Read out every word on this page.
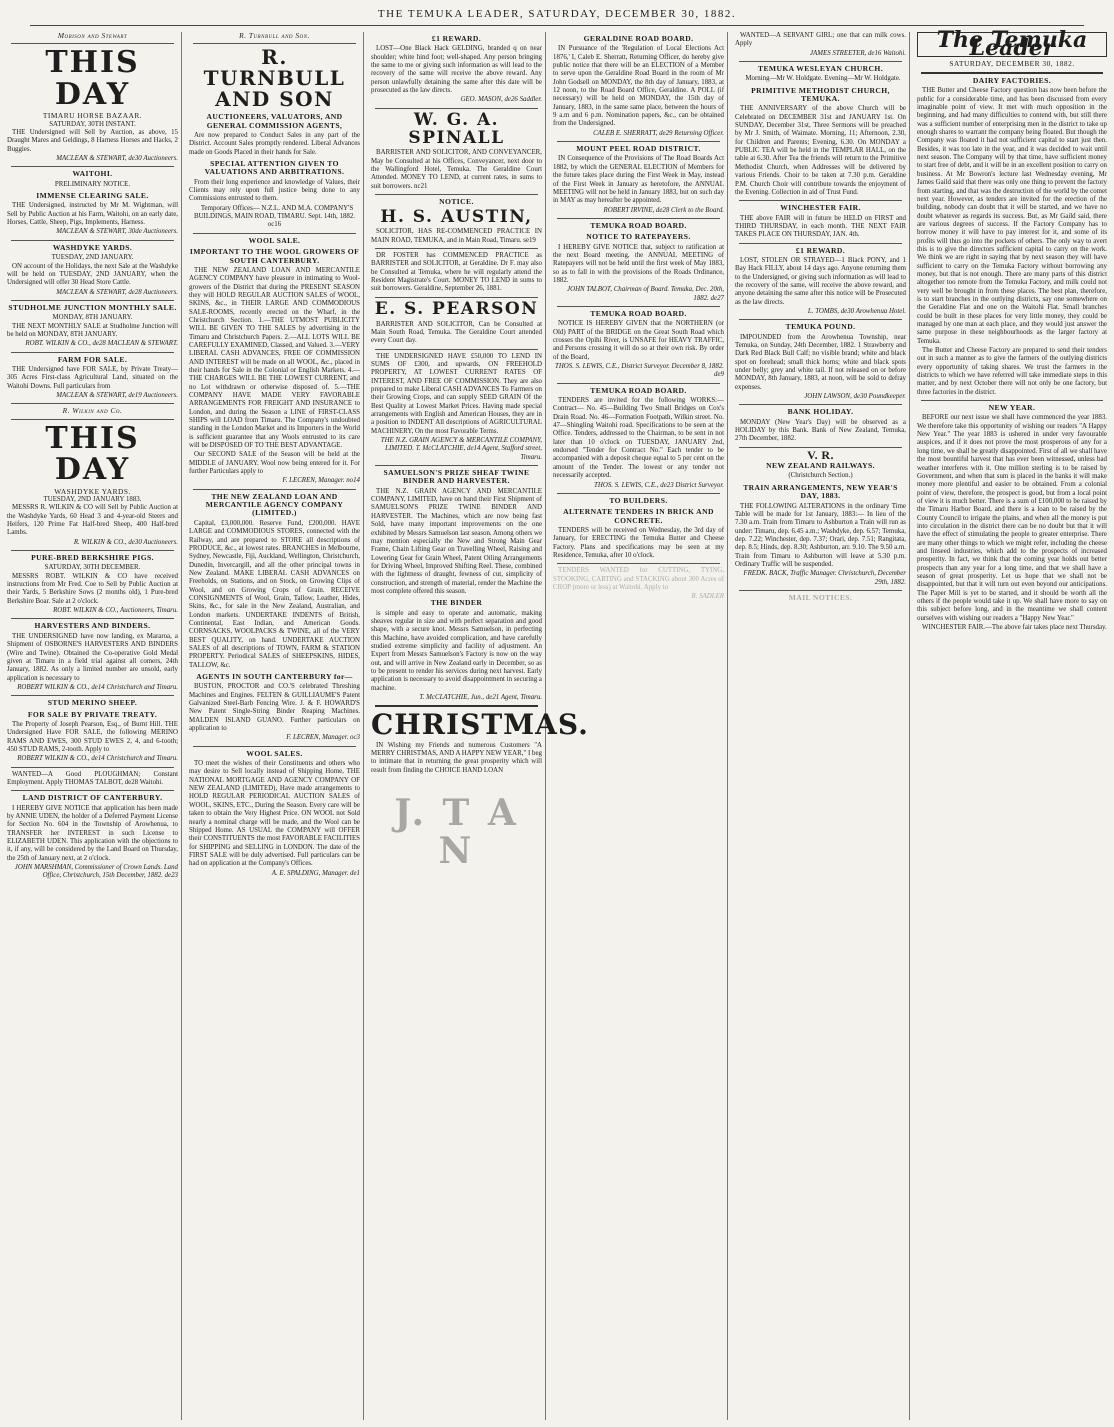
THE TEMUKA LEADER, SATURDAY, DECEMBER 30, 1882.
Morison and Stewart
THIS DAY
TIMARU HORSE BAZAAR.
SATURDAY, 30TH INSTANT.

THE Undersigned will Sell by Auction, as above, 15 Draught Mares and Geldings, 8 Harness Horses and Hacks, 2 Buggies.

MACLEAN & STEWART, de30 Auctioneers.
WAITOHI.
PRELIMINARY NOTICE.
IMMENSE CLEARING SALE.

THE Undersigned, instructed by Mr M. Wightman, will Sell by Public Auction at his Farm, Waitohi, on an early date, Horses, Cattle, Sheep, Pigs, Implements, Harness.

MACLEAN & STEWART, 30de Auctioneers.
WASHDYKE YARDS.
TUESDAY, 2ND JANUARY.

ON account of the Holidays, the next Sale at the Washdyke will be held on TUESDAY, 2ND JANUARY, when the Undersigned will offer 30 Head Store Cattle.

MACLEAN & STEWART, de28 Auctioneers.
STUDHOLME JUNCTION MONTHLY SALE.
MONDAY, 8TH JANUARY.

THE NEXT MONTHLY SALE at Studholme Junction will be held on MONDAY, 8TH JANUARY.

ROBT. WILKIN & CO., de28 MACLEAN & STEWART.
FARM FOR SALE.

THE Undersigned have FOR SALE, by Private Treaty—305 Acres First-class Agricultural Land, situated on the Waitohi Downs. Full particulars from

MACLEAN & STEWART, de19 Auctioneers.
R. Wilkin and Co.
THIS DAY
WASHDYKE YARDS.
TUESDAY, 2ND JANUARY 1883.

MESSRS R. WILKIN & CO will Sell by Public Auction at the Washdyke Yards, 60 Head 3 and 4-year-old Steers and Heifers, 120 Prime Fat Half-bred Sheep, 400 Half-bred Lambs.

R. WILKIN & CO., de30 Auctioneers.
PURE-BRED BERKSHIRE PIGS.
SATURDAY, 30TH DECEMBER.

MESSRS ROBT. WILKIN & CO have received instructions from Mr Fred. Coe to Sell by Public Auction at their Yards, 5 Berkshire Sows (2 months old), 1 Pure-bred Berkshire Boar. Sale at 2 o'clock.

ROBT. WILKIN & CO., Auctioneers, Timaru.
HARVESTERS AND BINDERS.

THE UNDERSIGNED have now landing, ex Mararoa, a Shipment of OSBORNE'S HARVESTERS AND BINDERS (Wire and Twine). Obtained the Co-operative Gold Medal given at Timaru in a field trial against all comers, 24th January, 1882. As only a limited number are unsold, early application is necessary to

ROBERT WILKIN & CO., de14 Christchurch and Timaru.
STUD MERINO SHEEP.
FOR SALE BY PRIVATE TREATY.

The Property of Joseph Pearson, Esq., of Burnt Hill. THE Undersigned Have FOR SALE, the following MERINO RAMS AND EWES, 300 STUD EWES 2, 4, and 6-tooth; 450 STUD RAMS, 2-tooth. Apply to

ROBERT WILKIN & CO., de14 Christchurch and Timaru.

WANTED—A Good PLOUGHMAN; Constant Employment. Apply THOMAS TALBOT, de28 Waitohi.

LAND DISTRICT OF CANTERBURY.

I HEREBY GIVE NOTICE that application has been made by ANNIE UDEN, the holder of a Deferred Payment License for Section No. 604 in the Township of Arowhenua, to TRANSFER her INTEREST in such License to ELIZABETH UDEN. This application with the objections to it, if any, will be considered by the Land Board on Thursday, the 25th of January next, at 2 o'clock.

JOHN MARSHMAN, Commissioner of Crown Lands. Land Office, Christchurch, 15th December, 1882. de23
R. Turnbull and Son.
R. TURNBULL AND SON
AUCTIONEERS, VALUATORS, AND GENERAL COMMISSION AGENTS,

Are now prepared to Conduct Sales in any part of the District. Account Sales promptly rendered. Liberal Advances made on Goods Placed in their hands for Sale.

SPECIAL ATTENTION GIVEN TO VALUATIONS AND ARBITRATIONS.

From their long experience and knowledge of Values, their Clients may rely upon full justice being done to any Commissions entrusted to them.

Temporary Offices— N.Z.L. AND M.A. COMPANY'S BUILDINGS, MAIN ROAD, TIMARU. Sept. 14th, 1882. oc16

WOOL SALE.
IMPORTANT TO THE WOOL GROWERS OF SOUTH CANTERBURY.

THE NEW ZEALAND LOAN AND MERCANTILE AGENCY COMPANY have pleasure in intimating to Wool-growers of the District that during the PRESENT SEASON they will HOLD REGULAR AUCTION SALES of WOOL, SKINS, &c., in THEIR LARGE AND COMMODIOUS SALE-ROOMS, recently erected on the Wharf, in the Christchurch Section. 1.—THE UTMOST PUBLICITY WILL BE GIVEN TO THE SALES by advertising in the Timaru and Christchurch Papers. 2.—ALL LOTS WILL BE CAREFULLY EXAMINED, Classed, and Valued. 3.—VERY LIBERAL CASH ADVANCES, FREE OF COMMISSION AND INTEREST will be made on all WOOL, &c., placed in their hands for Sale in the Colonial or English Markets. 4.—THE CHARGES WILL BE THE LOWEST CURRENT, and no Lot withdrawn or otherwise disposed of. 5.—THE COMPANY HAVE MADE VERY FAVORABLE ARRANGEMENTS FOR FREIGHT AND INSURANCE to London, and during the Season a LINE of FIRST-CLASS SHIPS will LOAD from Timaru. The Company's undoubted standing in the London Market and its Importers in the World is sufficient guarantee that any Wools entrusted to its care will be DISPOSED OF TO THE BEST ADVANTAGE.

Our SECOND SALE of the Season will be held at the MIDDLE of JANUARY. Wool now being entered for it. For further Particulars apply to

F. LECREN, Manager. no14
THE NEW ZEALAND LOAN AND MERCANTILE AGENCY COMPANY (LIMITED.)

Capital, £3,000,000. Reserve Fund, £200,000. HAVE LARGE and COMMODIOUS STORES, connected with the Railway, and are prepared to STORE all descriptions of PRODUCE, &c., at lowest rates. BRANCHES in Melbourne, Sydney, Newcastle, Fiji, Auckland, Wellington, Christchurch, Dunedin, Invercargill, and all the other principal towns in New Zealand. MAKE LIBERAL CASH ADVANCES on Freeholds, on Stations, and on Stock, on Growing Clips of Wool, and on Growing Crops of Grain. RECEIVE CONSIGNMENTS of Wool, Grain, Tallow, Leather, Hides, Skins, &c., for sale in the New Zealand, Australian, and London markets. UNDERTAKE INDENTS of British, Continental, East Indian, and American Goods. CORNSACKS, WOOLPACKS & TWINE, all of the VERY BEST QUALITY, on hand. UNDERTAKE AUCTION SALES of all descriptions of TOWN, FARM & STATION PROPERTY. Periodical SALES of SHEEPSKINS, HIDES, TALLOW, &c.

AGENTS IN SOUTH CANTERBURY for—

BUSTON, PROCTOR and CO.'S celebrated Threshing Machines and Engines. FELTEN & GUILLIAUME'S Patent Galvanized Steel-Barb Fencing Wire. J. & F. HOWARD'S New Patent Single-String Binder Reaping Machines. MALDEN ISLAND GUANO. Further particulars on application to

F. LECREN, Manager. oc3
WOOL SALES.

TO meet the wishes of their Constituents and others who may desire to Sell locally instead of Shipping Home, THE NATIONAL MORTGAGE AND AGENCY COMPANY OF NEW ZEALAND (LIMITED), Have made arrangements to HOLD REGULAR PERIODICAL AUCTION SALES of WOOL, SKINS, ETC., During the Season. Every care will be taken to obtain the Very Highest Price. ON WOOL not Sold nearly a nominal charge will be made, and the Wool can be Shipped Home. AS USUAL the COMPANY will OFFER their CONSTITUENTS the most FAVORABLE FACILITIES for SHIPPING and SELLING in LONDON. The date of the FIRST SALE will be duly advertised. Full particulars can be had on application at the Company's Offices.

A. E. SPALDING, Manager. de1
£1 REWARD.

LOST—One Black Hack GELDING, branded q on near shoulder; white hind foot; well-shaped. Any person bringing the same to me or giving such information as will lead to the recovery of the same will receive the above reward. Any person unlawfully detaining the same after this date will be prosecuted as the law directs.

GEO. MASON, de26 Saddler.
W. G. A. SPINALL

BARRISTER AND SOLICITOR, AND CONVEYANCER, May be Consulted at his Offices, Conveyancer, next door to the Wallingford Hotel, Temuka. The Geraldine Court Attended. MONEY TO LEND, at current rates, in sums to suit borrowers. nc21

NOTICE.
H. S. AUSTIN,

SOLICITOR, HAS RE-COMMENCED PRACTICE IN MAIN ROAD, TEMUKA, and in Main Road, Timaru. se19

DR FOSTER has COMMENCED PRACTICE as BARRISTER and SOLICITOR, at Geraldine. Dr F. may also be Consulted at Temuka, where he will regularly attend the Resident Magistrate's Court. MONEY TO LEND in sums to suit borrowers. Geraldine, September 26, 1881.

E. S. PEARSON

BARRISTER AND SOLICITOR, Can be Consulted at Main South Road, Temuka. The Geraldine Court attended every Court day.

THE UNDERSIGNED HAVE £50,000 TO LEND IN SUMS OF £300, and upwards, ON FREEHOLD PROPERTY, AT LOWEST CURRENT RATES OF INTEREST, AND FREE OF COMMISSION. They are also prepared to make Liberal CASH ADVANCES To Farmers on their Growing Crops, and can supply SEED GRAIN Of the Best Quality at Lowest Market Prices. Having made special arrangements with English and American Houses, they are in a position to INDENT All descriptions of AGRICULTURAL MACHINERY, On the most Favorable Terms.

THE N.Z. GRAIN AGENCY & MERCANTILE COMPANY, LIMITED. T. McCLATCHIE, de14 Agent, Stafford street, Timaru.
SAMUELSON'S PRIZE SHEAF TWINE BINDER AND HARVESTER.

THE N.Z. GRAIN AGENCY AND MERCANTILE COMPANY, LIMITED, have on hand their First Shipment of SAMUELSON'S PRIZE TWINE BINDER AND HARVESTER. The Machines, which are now being fast Sold, have many important improvements on the one exhibited by Messrs Samuelson last season. Among others we may mention especially the New and Strong Main Gear Frame, Chain Lifting Gear on Travelling Wheel, Raising and Lowering Gear for Grain Wheel, Patent Oiling Arrangements for Driving Wheel, Improved Shifting Reel. These, combined with the lightness of draught, fewness of cut, simplicity of construction, and strength of material, render the Machine the most complete offered this season.

THE BINDER

is simple and easy to operate and automatic, making sheaves regular in size and with perfect separation and good shape, with a secure knot. Messrs Samuelson, in perfecting this Machine, have avoided complication, and have carefully studied extreme simplicity and facility of adjustment. An Expert from Messrs Samuelson's Factory is now on the way out, and will arrive in New Zealand early in December, so as to be present to render his services during next harvest. Early application is necessary to avoid disappointment in securing a machine.

T. McCLATCHIE, Jun., de21 Agent, Timaru.
CHRISTMAS.

IN Wishing my Friends and numerous Customers "A MERRY CHRISTMAS, AND A HAPPY NEW YEAR," I beg to intimate that in returning the great prosperity which will result from finding the CHOICE HAND LOAN

J. T A N
GERALDINE ROAD BOARD.

IN Pursuance of the 'Regulation of Local Elections Act 1876,' I, Caleb E. Sherratt, Returning Officer, do hereby give public notice that there will be an ELECTION of a Member to serve upon the Geraldine Road Board in the room of Mr John Godsell on MONDAY, the 8th day of January, 1883, at 12 noon, to the Road Board Office, Geraldine. A POLL (if necessary) will be held on MONDAY, the 15th day of January, 1883, in the same same place, between the hours of 9 a.m and 6 p.m. Nomination papers, &c., can be obtained from the Undersigned.

CALEB E. SHERRATT, de29 Returning Officer.
MOUNT PEEL ROAD DISTRICT.

IN Consequence of the Provisions of The Road Boards Act 1882, by which the GENERAL ELECTION of Members for the future takes place during the First Week in May, instead of the First Week in January as heretofore, the ANNUAL MEETING will not be held in January 1883, but on such day in MAY as may hereafter be appointed.

ROBERT IRVINE, de28 Clerk to the Board.
TEMUKA ROAD BOARD.
NOTICE TO RATEPAYERS.

I HEREBY GIVE NOTICE that, subject to ratification at the next Board meeting, the ANNUAL MEETING of Ratepayers will not be held until the first week of May 1883, so as to fall in with the provisions of the Roads Ordinance, 1882.

JOHN TALBOT, Chairman of Board. Temuka, Dec. 20th, 1882. de27
TEMUKA ROAD BOARD.

NOTICE IS HEREBY GIVEN that the NORTHERN (or Old) PART of the BRIDGE on the Great South Road which crosses the Opihi River, is UNSAFE for HEAVY TRAFFIC, and Persons crossing it will do so at their own risk. By order of the Board,

THOS. S. LEWIS, C.E., District Surveyor. December 8, 1882. de9
TEMUKA ROAD BOARD.

TENDERS are invited for the following WORKS:— Contract— No. 45—Building Two Small Bridges on Cox's Drain Road. No. 46—Formation Footpath, Wilkin street. No. 47—Shingling Waitohi road. Specifications to be seen at the Office. Tenders, addressed to the Chairman, to be sent in not later than 10 o'clock on TUESDAY, JANUARY 2nd, endorsed "Tender for Contract No." Each tender to be accompanied with a deposit cheque equal to 5 per cent on the amount of the Tender. The lowest or any tender not necessarily accepted.

THOS. S. LEWIS, C.E., de23 District Surveyor.
TO BUILDERS.
ALTERNATE TENDERS IN BRICK AND CONCRETE.

TENDERS will be received on Wednesday, the 3rd day of January, for ERECTING the Temuka Butter and Cheese Factory. Plans and specifications may be seen at my Residence, Temuka, after 10 o'clock.

TENDERS WANTED for CUTTING, TYING, STOOKING, CARTING and STACKING about 300 Acres of CROP (more or less) at Waitohi. Apply to

R. SADLER

WANTED—A SERVANT GIRL; one that can milk cows. Apply

JAMES STREETER, de16 Waitohi.
TEMUKA WESLEYAN CHURCH.

Morning—Mr W. Holdgate. Evening—Mr W. Holdgate.

PRIMITIVE METHODIST CHURCH, TEMUKA.

THE ANNIVERSARY of the above Church will be Celebrated on DECEMBER 31st and JANUARY 1st. On SUNDAY, December 31st, Three Sermons will be preached by Mr J. Smith, of Waimate. Morning, 11; Afternoon, 2.30, for Children and Parents; Evening, 6.30. On MONDAY a PUBLIC TEA will be held in the TEMPLAR HALL, on the table at 6.30. After Tea the friends will return to the Primitive Methodist Church, when Addresses will be delivered by various Friends. Choir to be taken at 7.30 p.m. Geraldine P.M. Church Choir will contribute towards the enjoyment of the Evening. Collection in aid of Trust Fund.

WINCHESTER FAIR.

THE above FAIR will in future be HELD on FIRST and THIRD THURSDAY, in each month. THE NEXT FAIR TAKES PLACE ON THURSDAY, JAN. 4th.

£1 REWARD.

LOST, STOLEN OR STRAYED—1 Black PONY, and 1 Bay Hack FILLY, about 14 days ago. Anyone returning them to the Undersigned, or giving such information as will lead to the recovery of the same, will receive the above reward, and anyone detaining the same after this notice will be Prosecuted as the law directs.

L. TOMBS, de30 Arowhenua Hotel.
TEMUKA POUND.

IMPOUNDED from the Arowhenua Township, near Temuka, on Sunday, 24th December, 1882. 1 Strawberry and Dark Red Black Bull Calf; no visible brand; white and black spot on forehead; small thick horns; white and black spots under belly; grey and white tail. If not released on or before MONDAY, 8th January, 1883, at noon, will be sold to defray expenses.

JOHN LAWSON, de30 Poundkeeper.
BANK HOLIDAY.

MONDAY (New Year's Day) will be observed as a HOLIDAY by this Bank. Bank of New Zealand, Temuka, 27th December, 1882.

V. R.
NEW ZEALAND RAILWAYS.
(Christchurch Section.)
TRAIN ARRANGEMENTS, NEW YEAR'S DAY, 1883.

THE FOLLOWING ALTERATIONS in the ordinary Time Table will be made for 1st January, 1883:— In lieu of the 7.30 a.m. Train from Timaru to Ashburton a Train will run as under: Timaru, dep. 6.45 a.m.; Washdyke, dep. 6.57; Temuka, dep. 7.22; Winchester, dep. 7.37; Orari, dep. 7.51; Rangitata, dep. 8.5; Hinds, dep. 8.30; Ashburton, arr. 9.10. The 9.50 a.m. Train from Timaru to Ashburton will leave at 5.30 p.m. Ordinary Traffic will be suspended.

FREDK. BACK, Traffic Manager. Christchurch, December 29th, 1882.
MAIL NOTICES.
The Temuka Leader
SATURDAY, DECEMBER 30, 1882.
DAIRY FACTORIES.

THE Butter and Cheese Factory question has now been before the public for a considerable time, and has been discussed from every imaginable point of view. It met with much opposition in the beginning, and had many difficulties to contend with, but still there was a sufficient number of enterprising men in the district to take up enough shares to warrant the company being floated. But though the Company was floated it had not sufficient capital to start just then. Besides, it was too late in the year, and it was decided to wait until next season. The Company will by that time, have sufficient money to start free of debt, and it will be in an excellent position to carry on business. At Mr Bowron's lecture last Wednesday evening, Mr James Gaild said that there was only one thing to prevent the factory from starting, and that was the destruction of the world by the comet next year. However, as tenders are invited for the erection of the building, nobody can doubt that it will be started, and we have no doubt whatever as regards its success. But, as Mr Gaild said, there are various degrees of success. If the Factory Company has to borrow money it will have to pay interest for it, and some of its profits will thus go into the pockets of others. The only way to avert this is to give the directors sufficient capital to carry on the work. We think we are right in saying that by next season they will have sufficient to carry on the Temuka Factory without borrowing any money, but that is not enough. There are many parts of this district altogether too remote from the Temuka Factory, and milk could not very well be brought in from these places. The best plan, therefore, is to start branches in the outlying districts, say one somewhere on the Geraldine Flat and one on the Waitohi Flat. Small branches could be built in these places for very little money, they could be managed by one man at each place, and they would just answer the same purpose in these neighbourhoods as the larger factory at Temuka.

The Butter and Cheese Factory are prepared to send their tenders out in such a manner as to give the farmers of the outlying districts every opportunity of taking shares. We trust the farmers in the districts to which we have referred will take immediate steps in this matter, and by next October there will not only be one factory, but three factories in the district.

NEW YEAR.

BEFORE our next issue we shall have commenced the year 1883. We therefore take this opportunity of wishing our readers "A Happy New Year." The year 1883 is ushered in under very favourable auspices, and if it does not prove the most prosperous of any for a long time, we shall be greatly disappointed. First of all we shall have the most bountiful harvest that has ever been witnessed, unless bad weather interferes with it. One million sterling is to be raised by Government, and when that sum is placed in the banks it will make money more plentiful and easier to be obtained. From a colonial point of view, therefore, the prospect is good, but from a local point of view it is much better. There is a sum of £100,000 to be raised by the Timaru Harbor Board, and there is a loan to be raised by the County Council to irrigate the plains, and when all the money is put into circulation in the district there can be no doubt but that it will have the effect of stimulating the people to greater enterprise. There are many other things to which we might refer, including the cheese and linseed industries, which add to the prospects of increased prosperity. In fact, we think that the coming year holds out better prospects than any year for a long time, and that we shall have a season of great prosperity. Let us hope that we shall not be disappointed, but that it will turn out even beyond our anticipations. The Paper Mill is yet to be started, and it should be worth all the others if the people would take it up. We shall have more to say on this subject before long, and in the meantime we shall content ourselves with wishing our readers a "Happy New Year."

WINCHESTER FAIR.—The above fair takes place next Thursday.
